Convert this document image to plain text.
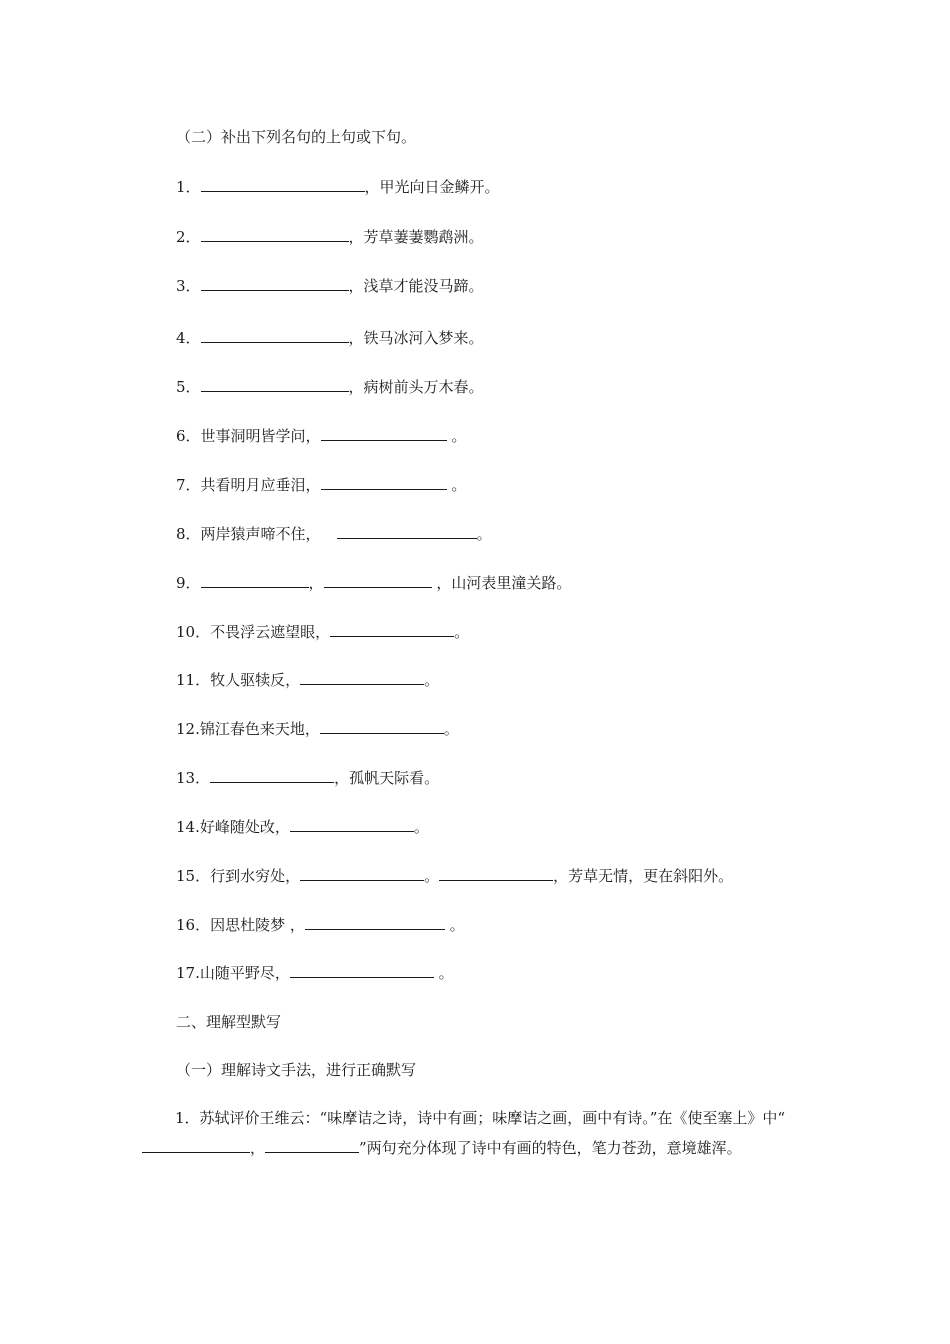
（二）补出下列名句的上句或下句。
1．	，甲光向日金鳞开。
2．	，芳草萋萋鹦鹉洲。
3．	，浅草才能没马蹄。
4．	，铁马冰河入梦来。
5．	，病树前头万木春。
6．世事洞明皆学问，	。
7．共看明月应垂泪，	。
8．两岸猿声啼不住，	。
9．	，	，山河表里潼关路。
10．不畏浮云遮望眼，	。
11．牧人驱犊反，	。
12.锦江春色来天地，	。
13．	，孤帆天际看。
14.好峰随处改，	。
15．行到水穷处，	。	，芳草无情，更在斜阳外。
16．因思杜陵梦 ，	。
17.山随平野尽，	。
二、理解型默写
（一）理解诗文手法，进行正确默写
1．苏轼评价王维云：“味摩诘之诗，诗中有画；味摩诘之画，画中有诗。”在《使至塞上》中“，	”两句充分体现了诗中有画的特色，笔力苍劲，意境雄浑。
